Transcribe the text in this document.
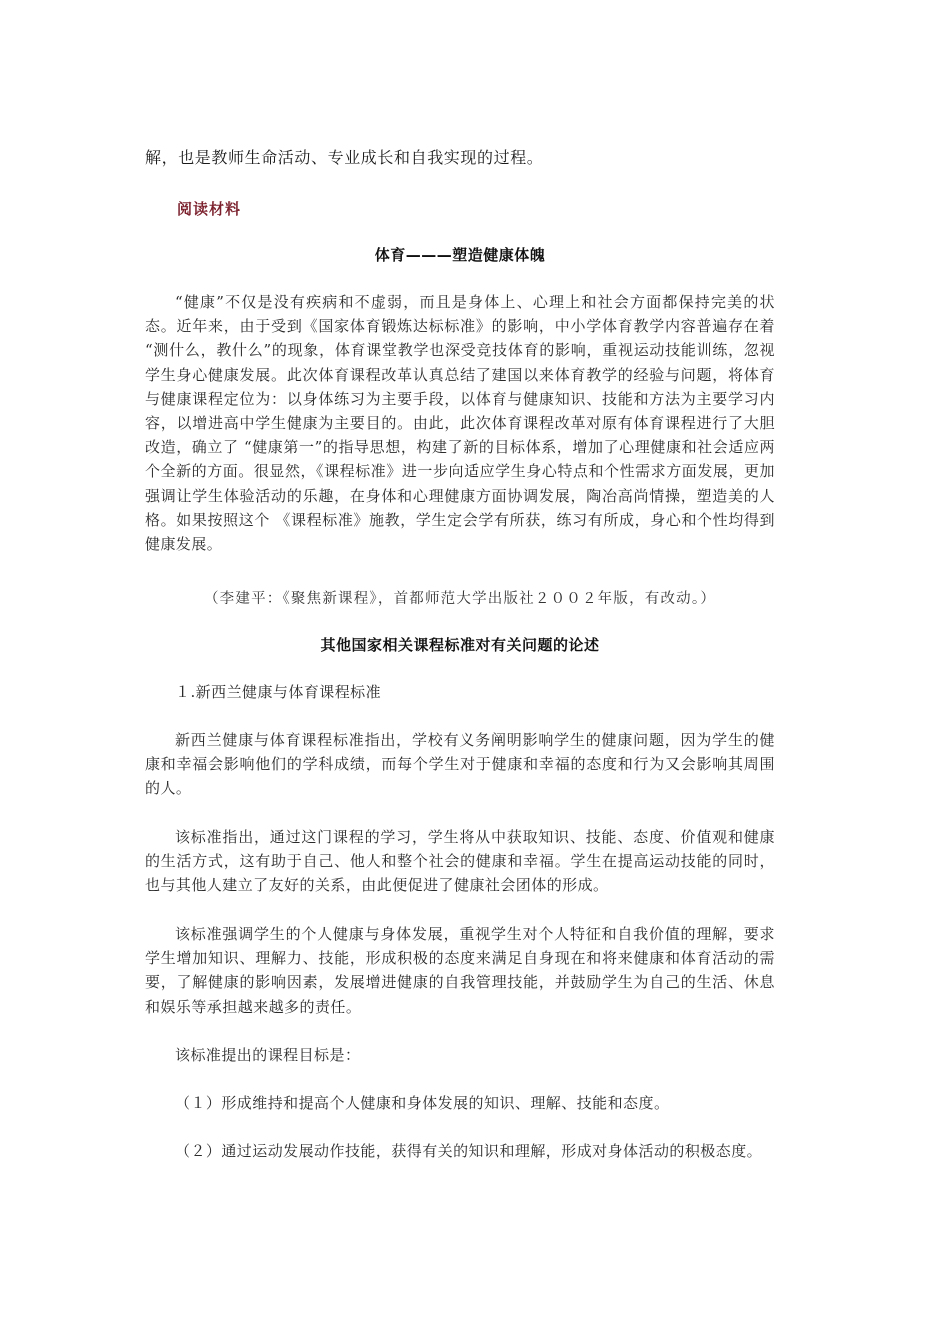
解，也是教师生命活动、专业成长和自我实现的过程。

阅读材料
体育———塑造健康体魄

“健康”不仅是没有疾病和不虚弱，而且是身体上、心理上和社会方面都保持完美的状态。近年来，由于受到《国家体育锻炼达标标准》的影响，中小学体育教学内容普遍存在着 “测什么，教什么”的现象，体育课堂教学也深受竞技体育的影响，重视运动技能训练，忽视学生身心健康发展。此次体育课程改革认真总结了建国以来体育教学的经验与问题，将体育与健康课程定位为：以身体练习为主要手段，以体育与健康知识、技能和方法为主要学习内容，以增进高中学生健康为主要目的。由此，此次体育课程改革对原有体育课程进行了大胆改造，确立了 “健康第一”的指导思想，构建了新的目标体系，增加了心理健康和社会适应两个全新的方面。很显然，《课程标准》进一步向适应学生身心特点和个性需求方面发展，更加强调让学生体验活动的乐趣，在身体和心理健康方面协调发展，陶冶高尚情操，塑造美的人格。如果按照这个 《课程标准》施教，学生定会学有所获，练习有所成，身心和个性均得到健康发展。

（李建平：《聚焦新课程》，首都师范大学出版社２００２年版，有改动。）
其他国家相关课程标准对有关问题的论述

１.新西兰健康与体育课程标准

新西兰健康与体育课程标准指出，学校有义务阐明影响学生的健康问题，因为学生的健康和幸福会影响他们的学科成绩，而每个学生对于健康和幸福的态度和行为又会影响其周围的人。

该标准指出，通过这门课程的学习，学生将从中获取知识、技能、态度、价值观和健康的生活方式，这有助于自己、他人和整个社会的健康和幸福。学生在提高运动技能的同时，也与其他人建立了友好的关系，由此便促进了健康社会团体的形成。

该标准强调学生的个人健康与身体发展，重视学生对个人特征和自我价值的理解，要求学生增加知识、理解力、技能，形成积极的态度来满足自身现在和将来健康和体育活动的需要，了解健康的影响因素，发展增进健康的自我管理技能，并鼓励学生为自己的生活、休息和娱乐等承担越来越多的责任。

该标准提出的课程目标是：

（１）形成维持和提高个人健康和身体发展的知识、理解、技能和态度。

（２）通过运动发展动作技能，获得有关的知识和理解，形成对身体活动的积极态度。
